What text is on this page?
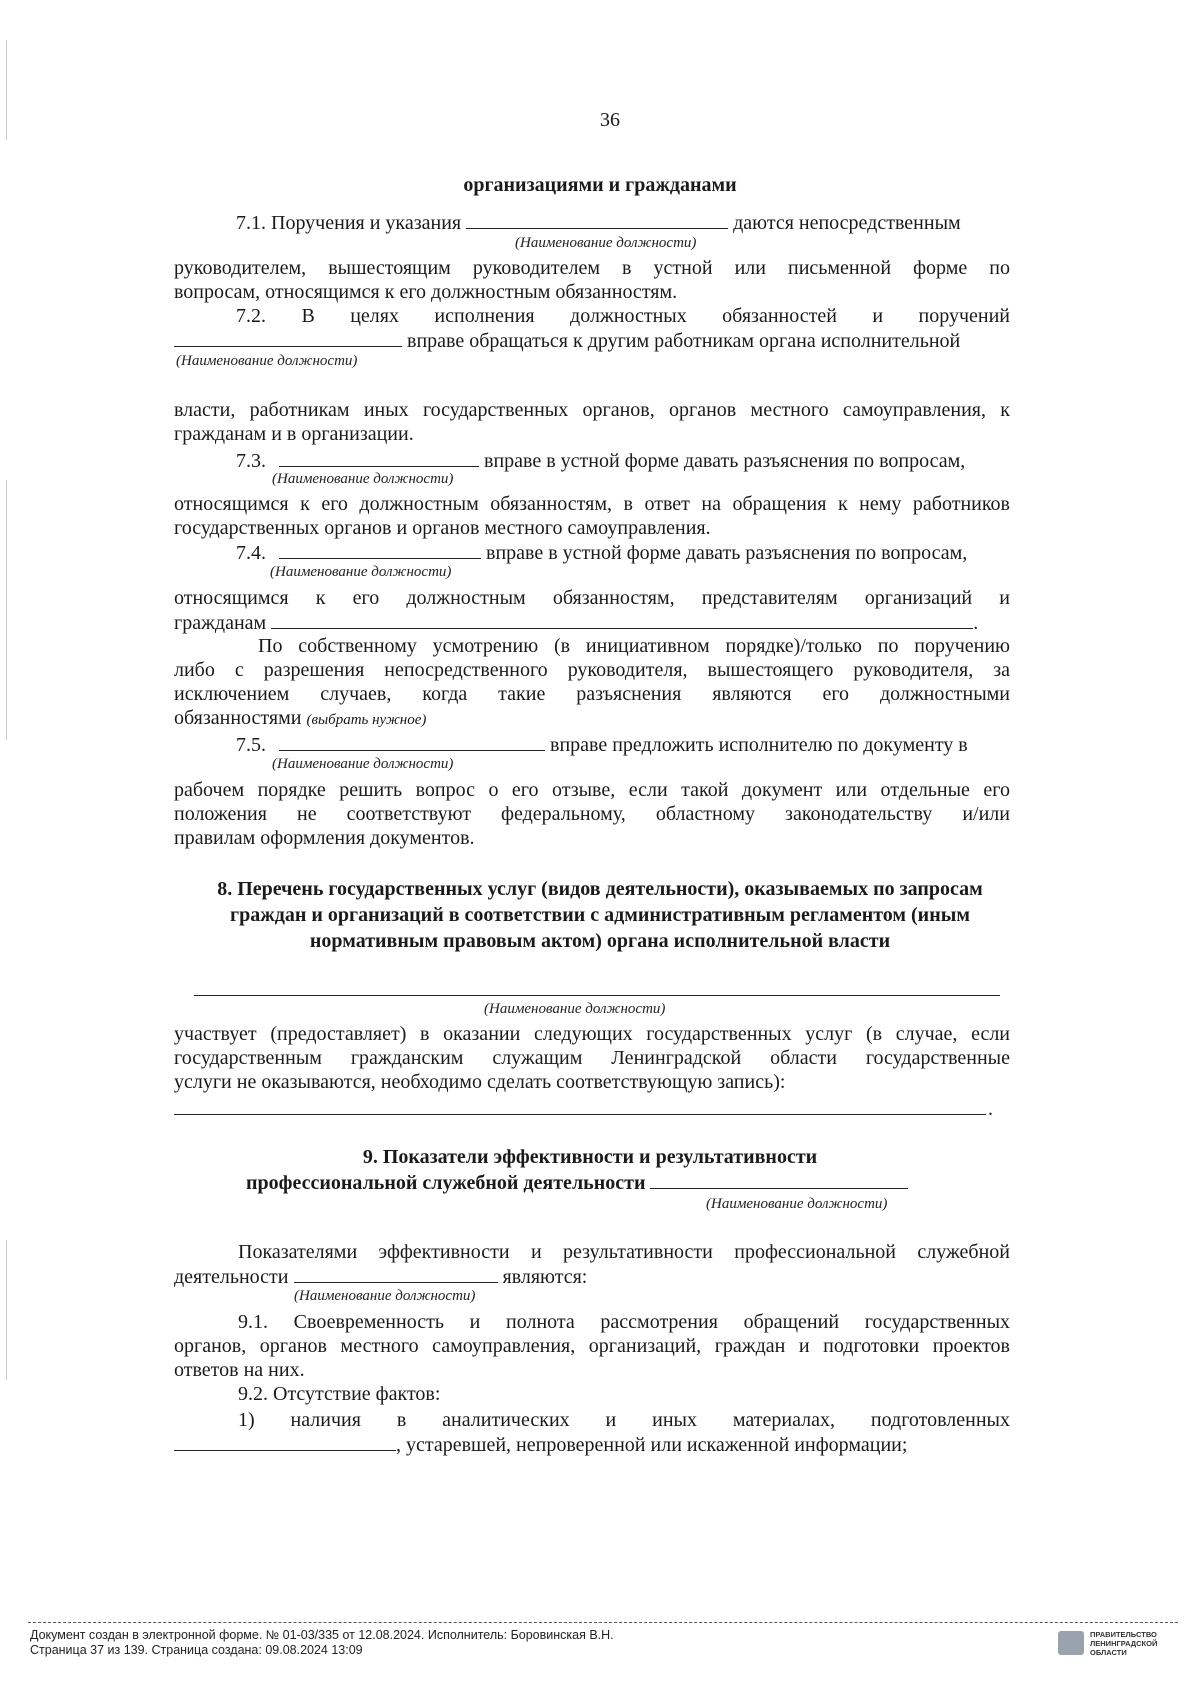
36
организациями и гражданами
7.1. Поручения и указания	даются непосредственным
(Наименование должности)
руководителем, вышестоящим руководителем в устной или письменной форме по
вопросам, относящимся к его должностным обязанностям.
7.2. В целях исполнения должностных обязанностей и поручений
вправе обращаться к другим работникам органа исполнительной
(Наименование должности)
власти, работникам иных государственных органов, органов местного самоуправления, к
гражданам и в организации.
7.3.	вправе в устной форме давать разъяснения по вопросам,
(Наименование должности)
относящимся к его должностным обязанностям, в ответ на обращения к нему работников
государственных органов и органов местного самоуправления.
7.4.	вправе в устной форме давать разъяснения по вопросам,
(Наименование должности)
относящимся к его должностным обязанностям, представителям организаций и
гражданам	.
По собственному усмотрению (в инициативном порядке)/только по поручению
либо с разрешения непосредственного руководителя, вышестоящего руководителя, за
исключением случаев, когда такие разъяснения являются его должностными
обязанностями (выбрать нужное)
7.5.	вправе предложить исполнителю по документу в
(Наименование должности)
рабочем порядке решить вопрос о его отзыве, если такой документ или отдельные его
положения не соответствуют федеральному, областному законодательству и/или
правилам оформления документов.
8. Перечень государственных услуг (видов деятельности), оказываемых по запросам
граждан и организаций в соответствии с административным регламентом (иным
нормативным правовым актом) органа исполнительной власти
(Наименование должности)
участвует (предоставляет) в оказании следующих государственных услуг (в случае, если
государственным гражданским служащим Ленинградской области государственные
услуги не оказываются, необходимо сделать соответствующую запись):
.
9. Показатели эффективности и результативности
профессиональной служебной деятельности
(Наименование должности)
Показателями эффективности и результативности профессиональной служебной
деятельности	являются:
(Наименование должности)
9.1. Своевременность и полнота рассмотрения обращений государственных
органов, органов местного самоуправления, организаций, граждан и подготовки проектов
ответов на них.
9.2. Отсутствие фактов:
1) наличия в аналитических и иных материалах, подготовленных
, устаревшей, непроверенной или искаженной информации;
Документ создан в электронной форме. № 01-03/335 от 12.08.2024. Исполнитель: Боровинская В.Н.
Страница 37 из 139. Страница создана: 09.08.2024 13:09
ПРАВИТЕЛЬСТВО
ЛЕНИНГРАДСКОЙ
ОБЛАСТИ
